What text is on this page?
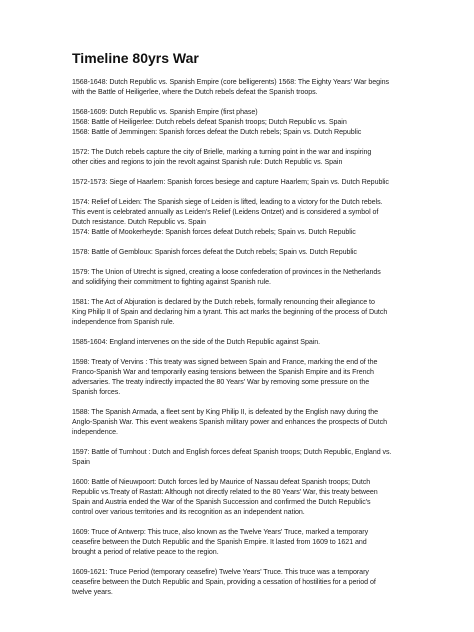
Timeline 80yrs War
1568-1648: Dutch Republic vs. Spanish Empire (core belligerents) 1568: The Eighty Years' War begins
with the Battle of Heiligerlee, where the Dutch rebels defeat the Spanish troops.
1568-1609: Dutch Republic vs. Spanish Empire (first phase)
1568: Battle of Heiligerlee: Dutch rebels defeat Spanish troops; Dutch Republic vs. Spain
1568: Battle of Jemmingen: Spanish forces defeat the Dutch rebels; Spain vs. Dutch Republic
1572: The Dutch rebels capture the city of Brielle, marking a turning point in the war and inspiring
other cities and regions to join the revolt against Spanish rule: Dutch Republic vs. Spain
1572-1573: Siege of Haarlem: Spanish forces besiege and capture Haarlem; Spain vs. Dutch Republic
1574: Relief of Leiden: The Spanish siege of Leiden is lifted, leading to a victory for the Dutch rebels.
This event is celebrated annually as Leiden's Relief (Leidens Ontzet) and is considered a symbol of
Dutch resistance. Dutch Republic vs. Spain
1574: Battle of Mookerheyde: Spanish forces defeat Dutch rebels; Spain vs. Dutch Republic
1578: Battle of Gembloux: Spanish forces defeat the Dutch rebels; Spain vs. Dutch Republic
1579: The Union of Utrecht is signed, creating a loose confederation of provinces in the Netherlands
and solidifying their commitment to fighting against Spanish rule.
1581: The Act of Abjuration is declared by the Dutch rebels, formally renouncing their allegiance to
King Philip II of Spain and declaring him a tyrant. This act marks the beginning of the process of Dutch
independence from Spanish rule.
1585-1604: England intervenes on the side of the Dutch Republic against Spain.
1598: Treaty of Vervins : This treaty was signed between Spain and France, marking the end of the
Franco-Spanish War and temporarily easing tensions between the Spanish Empire and its French
adversaries. The treaty indirectly impacted the 80 Years' War by removing some pressure on the
Spanish forces.
1588: The Spanish Armada, a fleet sent by King Philip II, is defeated by the English navy during the
Anglo-Spanish War. This event weakens Spanish military power and enhances the prospects of Dutch
independence.
1597: Battle of Turnhout : Dutch and English forces defeat Spanish troops; Dutch Republic, England vs.
Spain
1600: Battle of Nieuwpoort: Dutch forces led by Maurice of Nassau defeat Spanish troops; Dutch
Republic vs.Treaty of Rastatt: Although not directly related to the 80 Years' War, this treaty between
Spain and Austria ended the War of the Spanish Succession and confirmed the Dutch Republic's
control over various territories and its recognition as an independent nation.
1609: Truce of Antwerp: This truce, also known as the Twelve Years' Truce, marked a temporary
ceasefire between the Dutch Republic and the Spanish Empire. It lasted from 1609 to 1621 and
brought a period of relative peace to the region.
1609-1621: Truce Period (temporary ceasefire) Twelve Years' Truce. This truce was a temporary
ceasefire between the Dutch Republic and Spain, providing a cessation of hostilities for a period of
twelve years.
